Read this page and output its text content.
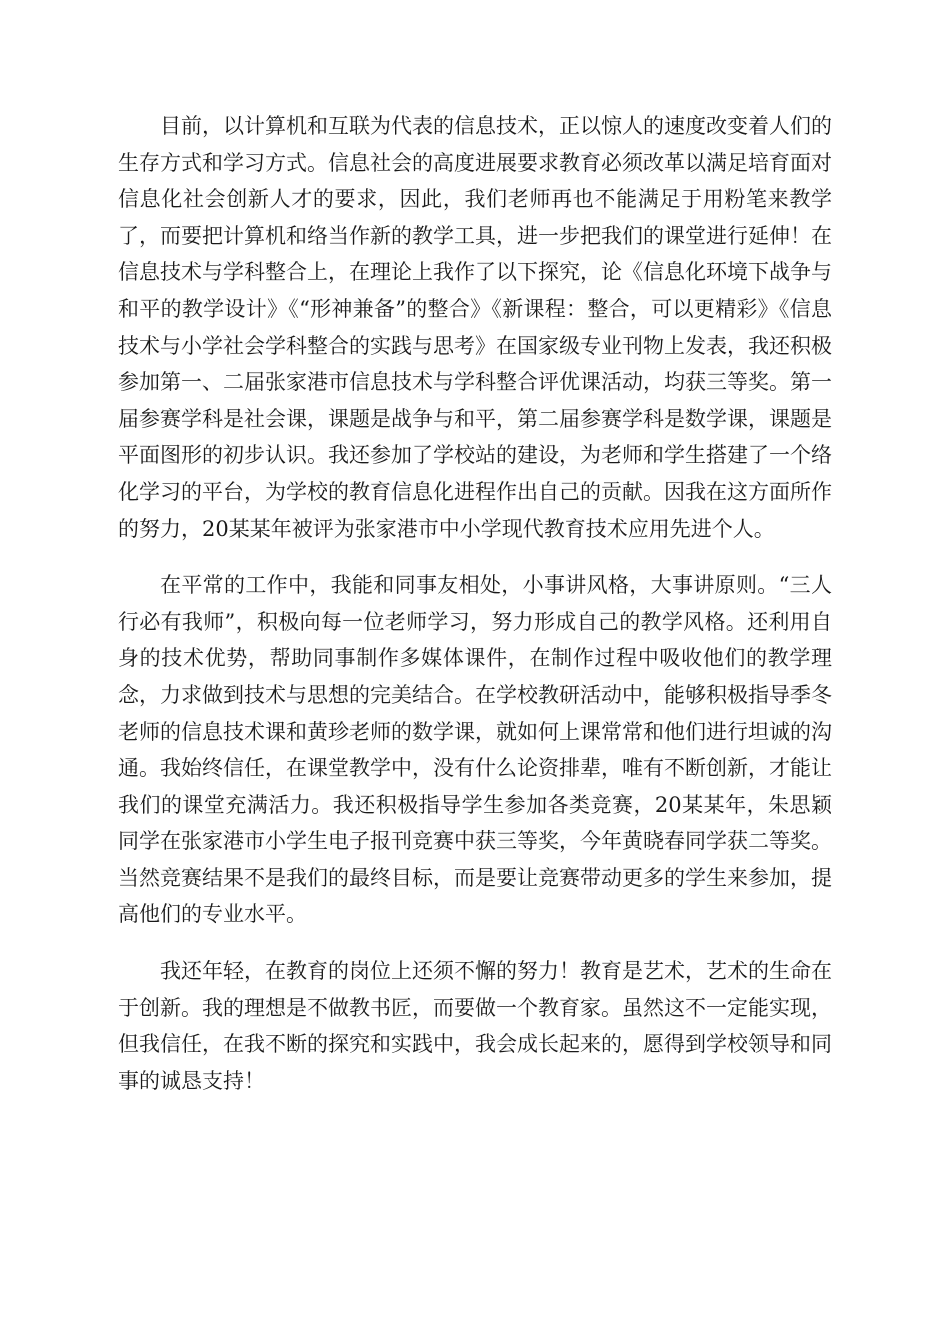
目前，以计算机和互联为代表的信息技术，正以惊人的速度改变着人们的生存方式和学习方式。信息社会的高度进展要求教育必须改革以满足培育面对信息化社会创新人才的要求，因此，我们老师再也不能满足于用粉笔来教学了，而要把计算机和络当作新的教学工具，进一步把我们的课堂进行延伸！在信息技术与学科整合上，在理论上我作了以下探究，论《信息化环境下战争与和平的教学设计》《“形神兼备”的整合》《新课程：整合，可以更精彩》《信息技术与小学社会学科整合的实践与思考》在国家级专业刊物上发表，我还积极参加第一、二届张家港市信息技术与学科整合评优课活动，均获三等奖。第一届参赛学科是社会课，课题是战争与和平，第二届参赛学科是数学课，课题是平面图形的初步认识。我还参加了学校站的建设，为老师和学生搭建了一个络化学习的平台，为学校的教育信息化进程作出自己的贡献。因我在这方面所作的努力，20某某年被评为张家港市中小学现代教育技术应用先进个人。

在平常的工作中，我能和同事友相处，小事讲风格，大事讲原则。“三人行必有我师”，积极向每一位老师学习，努力形成自己的教学风格。还利用自身的技术优势，帮助同事制作多媒体课件，在制作过程中吸收他们的教学理念，力求做到技术与思想的完美结合。在学校教研活动中，能够积极指导季冬老师的信息技术课和黄珍老师的数学课，就如何上课常常和他们进行坦诚的沟通。我始终信任，在课堂教学中，没有什么论资排辈，唯有不断创新，才能让我们的课堂充满活力。我还积极指导学生参加各类竞赛，20某某年，朱思颖同学在张家港市小学生电子报刊竞赛中获三等奖，今年黄晓春同学获二等奖。当然竞赛结果不是我们的最终目标，而是要让竞赛带动更多的学生来参加，提高他们的专业水平。

我还年轻，在教育的岗位上还须不懈的努力！教育是艺术，艺术的生命在于创新。我的理想是不做教书匠，而要做一个教育家。虽然这不一定能实现，但我信任，在我不断的探究和实践中，我会成长起来的，愿得到学校领导和同事的诚恳支持！
